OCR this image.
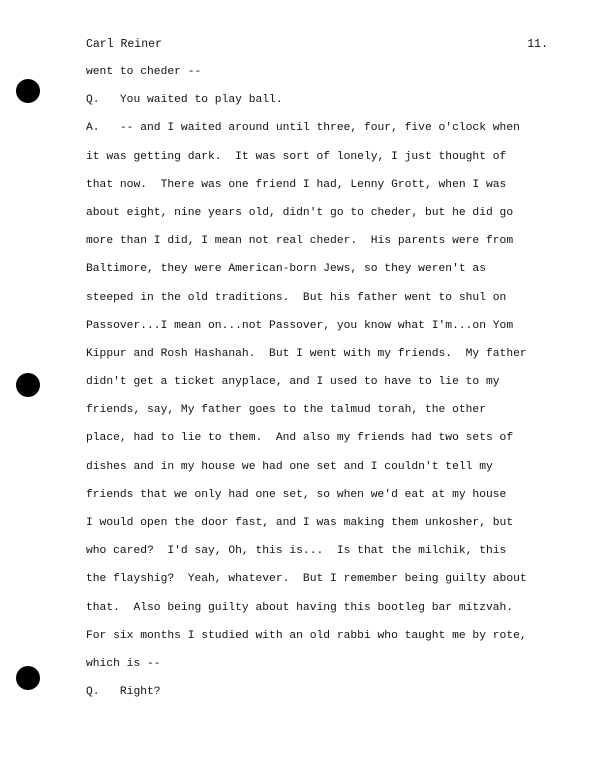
Carl Reiner	11.
went to cheder --
Q.   You waited to play ball.
A.   -- and I waited around until three, four, five o'clock when
it was getting dark.  It was sort of lonely, I just thought of
that now.  There was one friend I had, Lenny Grott, when I was
about eight, nine years old, didn't go to cheder, but he did go
more than I did, I mean not real cheder.  His parents were from
Baltimore, they were American-born Jews, so they weren't as
steeped in the old traditions.  But his father went to shul on
Passover...I mean on...not Passover, you know what I'm...on Yom
Kippur and Rosh Hashanah.  But I went with my friends.  My father
didn't get a ticket anyplace, and I used to have to lie to my
friends, say, My father goes to the talmud torah, the other
place, had to lie to them.  And also my friends had two sets of
dishes and in my house we had one set and I couldn't tell my
friends that we only had one set, so when we'd eat at my house
I would open the door fast, and I was making them unkosher, but
who cared?  I'd say, Oh, this is...  Is that the milchik, this
the flayshig?  Yeah, whatever.  But I remember being guilty about
that.  Also being guilty about having this bootleg bar mitzvah.
For six months I studied with an old rabbi who taught me by rote,
which is --
Q.   Right?
